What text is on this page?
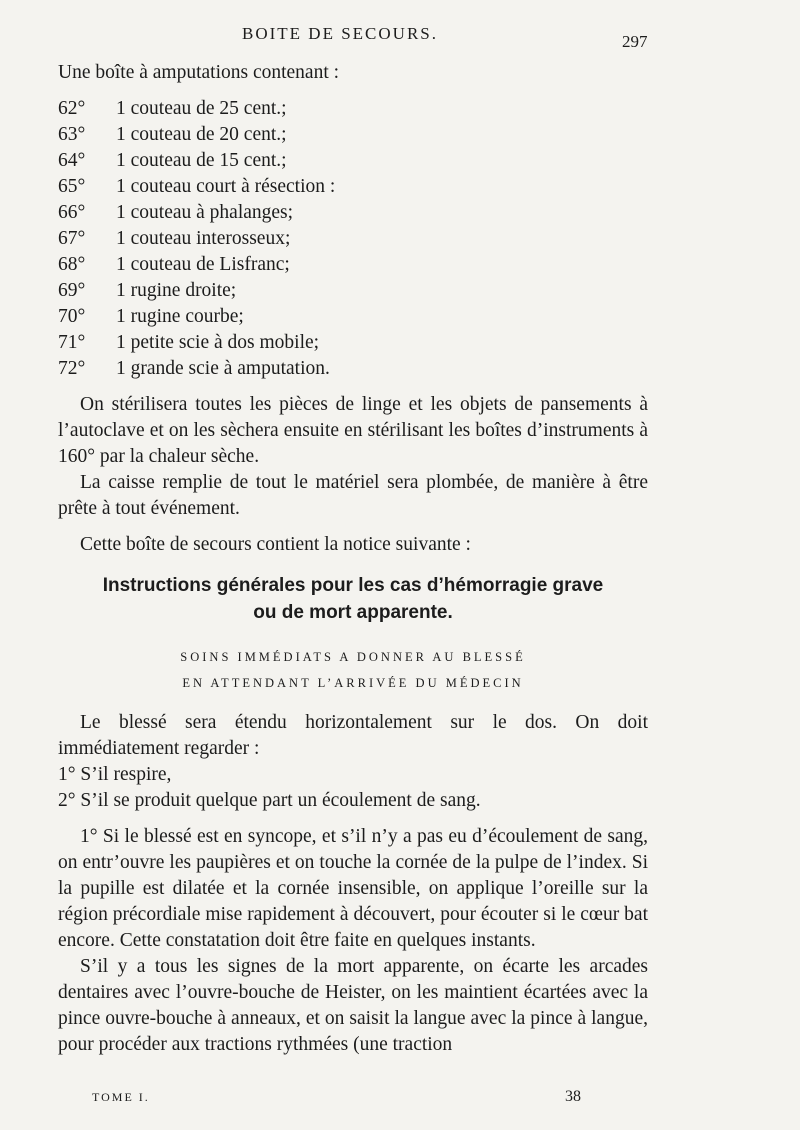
BOITE DE SECOURS.	297
Une boîte à amputations contenant :
62°	1 couteau de 25 cent.;
63°	1 couteau de 20 cent.;
64°	1 couteau de 15 cent.;
65°	1 couteau court à résection :
66°	1 couteau à phalanges;
67°	1 couteau interosseux;
68°	1 couteau de Lisfranc;
69°	1 rugine droite;
70°	1 rugine courbe;
71°	1 petite scie à dos mobile;
72°	1 grande scie à amputation.
On stérilisera toutes les pièces de linge et les objets de pansements à l’autoclave et on les sèchera ensuite en stérilisant les boîtes d’instruments à 160° par la chaleur sèche.
La caisse remplie de tout le matériel sera plombée, de manière à être prête à tout événement.
Cette boîte de secours contient la notice suivante :
Instructions générales pour les cas d’hémorragie grave
ou de mort apparente.
SOINS IMMÉDIATS A DONNER AU BLESSÉ
EN ATTENDANT L’ARRIVÉE DU MÉDECIN
Le blessé sera étendu horizontalement sur le dos. On doit immédiatement regarder :
1° S’il respire,
2° S’il se produit quelque part un écoulement de sang.
1° Si le blessé est en syncope, et s’il n’y a pas eu d’écoulement de sang, on entr’ouvre les paupières et on touche la cornée de la pulpe de l’index. Si la pupille est dilatée et la cornée insensible, on applique l’oreille sur la région précordiale mise rapidement à découvert, pour écouter si le cœur bat encore. Cette constatation doit être faite en quelques instants.
S’il y a tous les signes de la mort apparente, on écarte les arcades dentaires avec l’ouvre-bouche de Heister, on les maintient écartées avec la pince ouvre-bouche à anneaux, et on saisit la langue avec la pince à langue, pour procéder aux tractions rythmées (une traction
TOME I.	38
